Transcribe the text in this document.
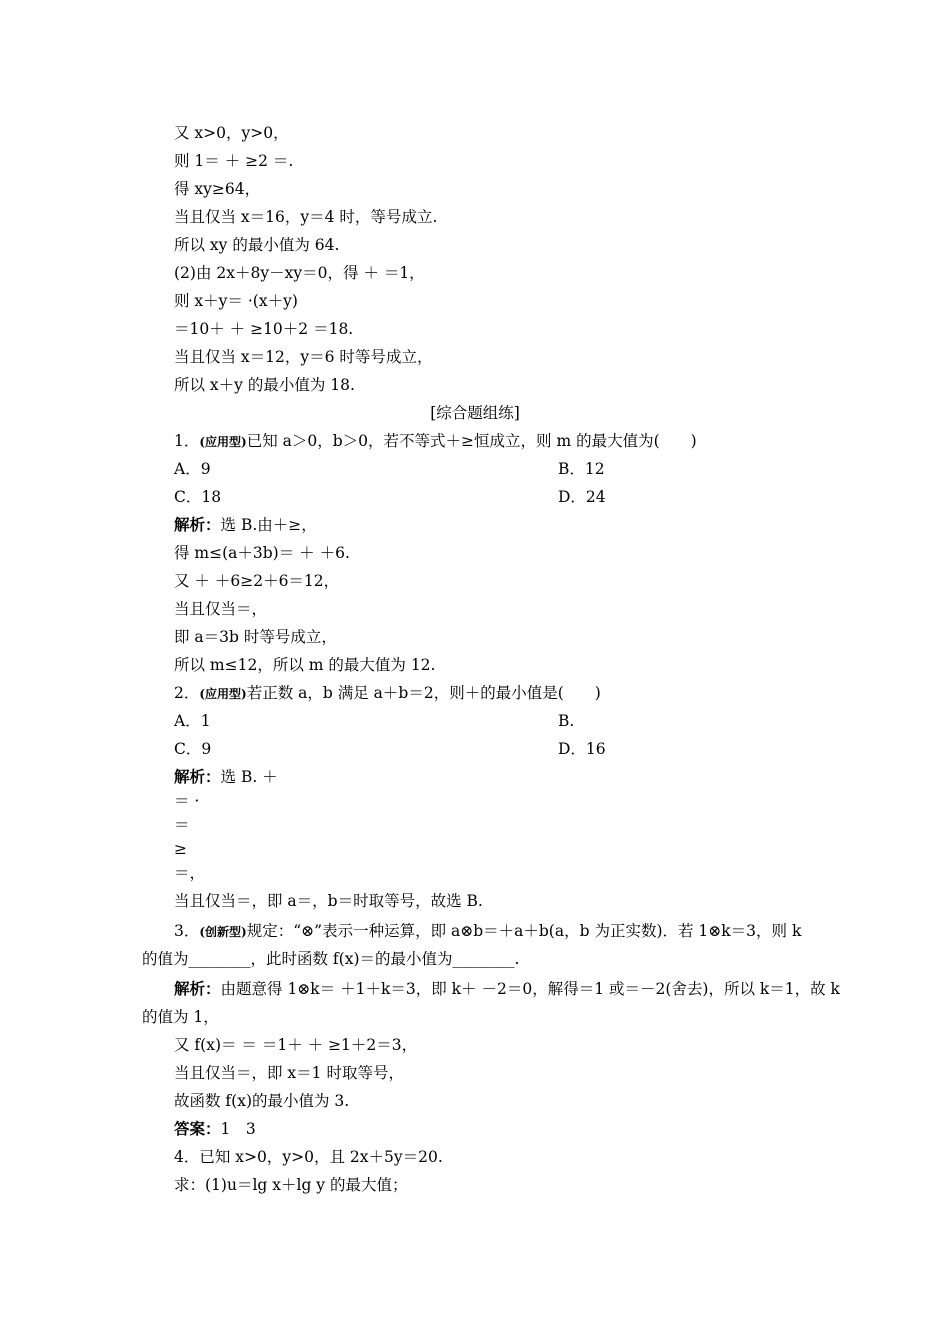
又 x>0，y>0，
则 1＝ ＋ ≥2 ＝.
得 xy≥64，
当且仅当 x＝16，y＝4 时，等号成立.
所以 xy 的最小值为 64.
(2)由 2x＋8y－xy＝0，得 ＋ ＝1，
则 x＋y＝ ·(x＋y)
＝10＋ ＋ ≥10＋2 ＝18.
当且仅当 x＝12，y＝6 时等号成立，
所以 x＋y 的最小值为 18.
[综合题组练]
1．(应用型)已知 a＞0，b＞0，若不等式＋≥恒成立，则 m 的最大值为(　　)
A．9	B．12
C．18	D．24
解析：选 B.由＋≥，
得 m≤(a＋3b)＝ ＋ ＋6.
又 ＋ ＋6≥2＋6＝12，
当且仅当＝，
即 a＝3b 时等号成立，
所以 m≤12，所以 m 的最大值为 12.
2．(应用型)若正数 a，b 满足 a＋b＝2，则＋的最小值是(　　)
A．1	B.
C．9	D．16
解析：选 B. ＋
＝ ·
＝
≥
＝，
当且仅当＝，即 a＝，b＝时取等号，故选 B.
3．(创新型)规定：“⊗”表示一种运算，即 a⊗b＝＋a＋b(a，b 为正实数)．若 1⊗k＝3，则 k
的值为________，此时函数 f(x)＝的最小值为________.
解析：由题意得 1⊗k＝ ＋1＋k＝3，即 k＋ －2＝0，解得＝1 或＝－2(舍去)，所以 k＝1，故 k
的值为 1，
又 f(x)＝ ＝ ＝1＋ ＋ ≥1＋2＝3，
当且仅当＝，即 x＝1 时取等号，
故函数 f(x)的最小值为 3.
答案：1　3
4．已知 x>0，y>0，且 2x＋5y＝20.
求：(1)u＝lg x＋lg y 的最大值；
